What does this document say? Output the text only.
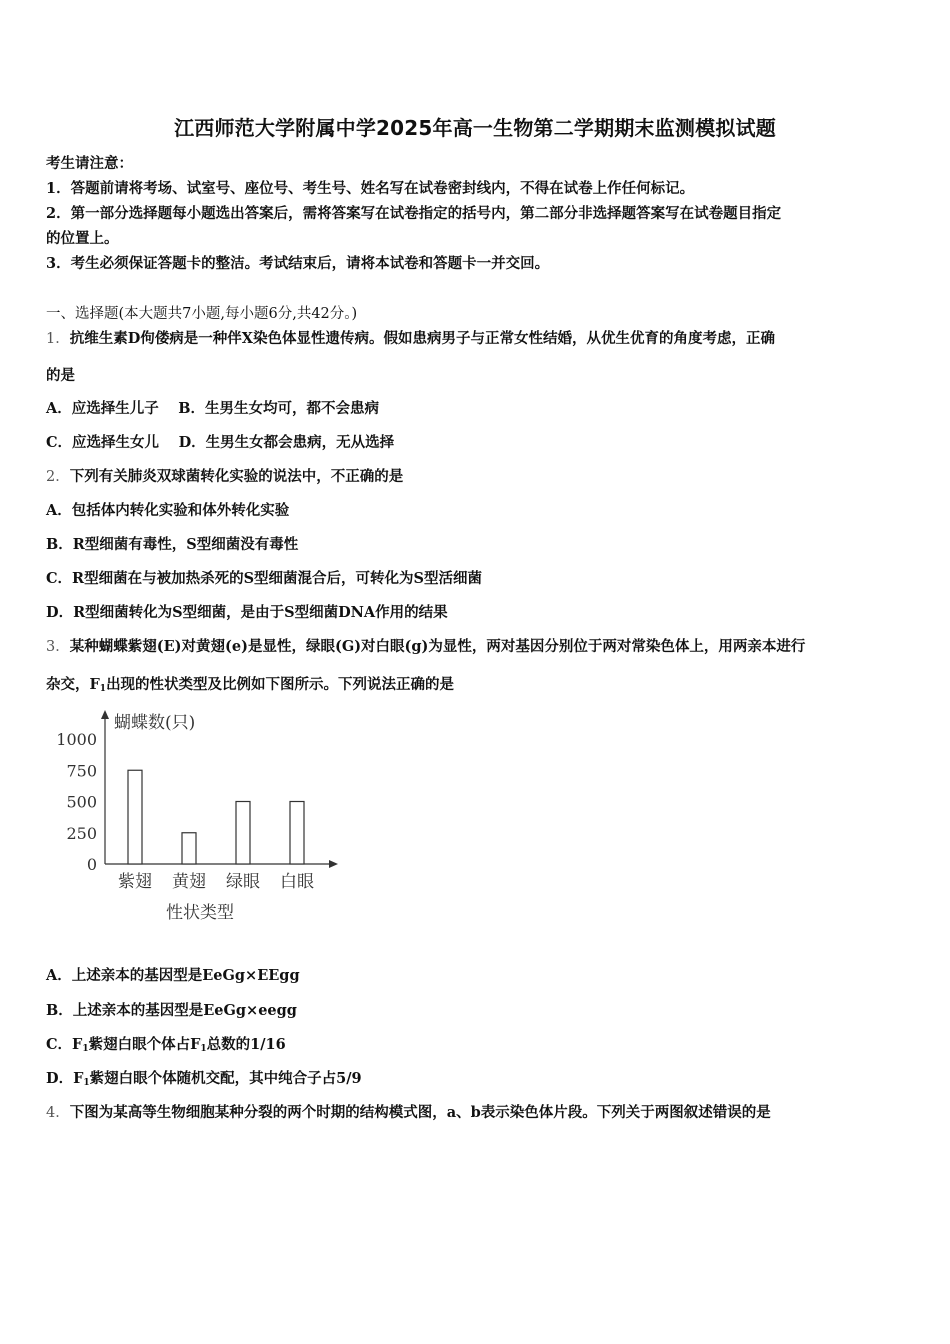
江西师范大学附属中学2025年高一生物第二学期期末监测模拟试题
考生请注意：
1．答题前请将考场、试室号、座位号、考生号、姓名写在试卷密封线内，不得在试卷上作任何标记。
2．第一部分选择题每小题选出答案后，需将答案写在试卷指定的括号内，第二部分非选择题答案写在试卷题目指定
的位置上。
3．考生必须保证答题卡的整洁。考试结束后，请将本试卷和答题卡一并交回。
一、选择题(本大题共7小题,每小题6分,共42分。)
1．抗维生素D佝偻病是一种伴X染色体显性遗传病。假如患病男子与正常女性结婚，从优生优育的角度考虑，正确
的是
A．应选择生儿子　 B．生男生女均可，都不会患病
C．应选择生女儿　 D．生男生女都会患病，无从选择
2．下列有关肺炎双球菌转化实验的说法中，不正确的是
A．包括体内转化实验和体外转化实验
B．R型细菌有毒性，S型细菌没有毒性
C．R型细菌在与被加热杀死的S型细菌混合后，可转化为S型活细菌
D．R型细菌转化为S型细菌，是由于S型细菌DNA作用的结果
3．某种蝴蝶紫翅(E)对黄翅(e)是显性，绿眼(G)对白眼(g)为显性，两对基因分别位于两对常染色体上，用两亲本进行
杂交，$F_1$出现的性状类型及比例如下图所示。下列说法正确的是
蝴蝶数(只)
0
250
500
750
1000
紫翅 黄翅 绿眼 白眼
性状类型
A．上述亲本的基因型是EeGg×EEgg
B．上述亲本的基因型是EeGg×eegg
C．$F_1$紫翅白眼个体占$F_1$总数的1/16
D．$F_1$紫翅白眼个体随机交配，其中纯合子占5/9
4．下图为某高等生物细胞某种分裂的两个时期的结构模式图，a、b表示染色体片段。下列关于两图叙述错误的是
